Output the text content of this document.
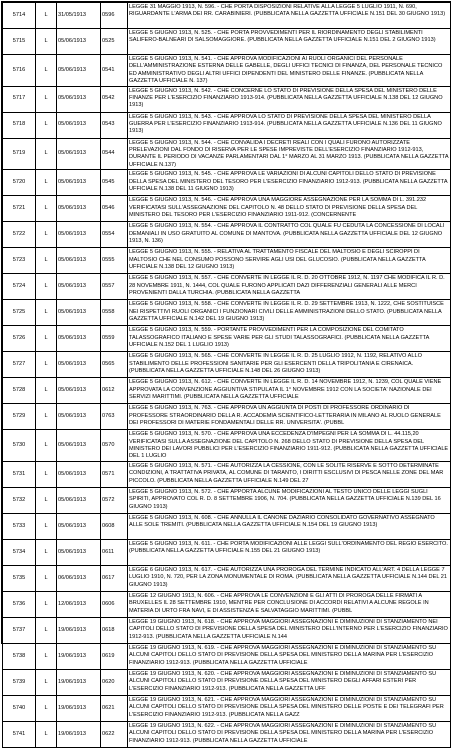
5714	L	31/05/1913	0596	LEGGE 31 MAGGIO 1913, N. 596. - CHE PORTA DISPOSIZIONI RELATIVE ALLA LEGGE 5 LUGLIO 1911, N. 690, RIGUARDANTE L'ARMA DEI RR. CARABINIERI. (PUBBLICATA NELLA GAZZETTA UFFICIALE N.151 DEL 30 GIUGNO 1913)
5715	L	05/06/1913	0525	LEGGE 5 GIUGNO 1913, N. 525. - CHE PORTA PROVVEDIMENTI PER IL RIORDINAMENTO DEGLI STABILIMENTI SALIFERO-BALNEARI DI SALSOMAGGIORE. (PUBBLICATA NELLA GAZZETTA UFFICIALE N.151 DEL 2 GIUGNO 1913)
5716	L	05/06/1913	0541	LEGGE 5 GIUGNO 1913, N. 541. - CHE APPROVA MODIFICAZIONI AI RUOLI ORGANICI DEL PERSONALE DELL'AMMINISTRAZIONE ESTERNA DELLE GABELLE, DEGLI UFFICI TECNICI DI FINANZA, DEL PERSONALE TECNICO ED AMMINISTRATIVO DEGLI ALTRI UFFICI DIPENDENTI DEL MINISTERO DELLE FINANZE. (PUBBLICATA NELLA GAZZETTA UFFICIALE N. 137)
5717	L	05/06/1913	0542	LEGGE 5 GIUGNO 1913, N. 542. - CHE CONCERNE LO STATO DI PREVISIONE DELLA SPESA DEL MINISTERO DELLE FINANZE PER L'ESERCIZIO FINANZIARIO 1913-914. (PUBBLICATA NELLA GAZZETTA UFFICIALE N.138 DEL 12 GIUGNO 1913)
5718	L	05/06/1913	0543	LEGGE 5 GIUGNO 1913, N. 543. - CHE APPROVA LO STATO DI PREVISIONE DELLA SPESA DEL MINISTERO DELLA GUERRA PER L'ESERCIZIO FINANZIARIO 1913-914. (PUBBLICATA NELLA GAZZETTA UFFICIALE N.136 DEL 11 GIUGNO 1913)
5719	L	05/06/1913	0544	LEGGE 5 GIUGNO 1913, N. 544. - CHE CONVALIDA I DECRETI REALI CON I QUALI FURONO AUTORIZZATE PRELEVAZIONI DAL FONDO DI RISERVA PER LE SPESE IMPREVISTE DELL'ESERCIZIO FINANZIARIO 1912-913, DURANTE IL PERIODO DI VACANZE PARLAMENTARI DAL 1° MARZO AL 31 MARZO 1913. (PUBBLICATA NELLA GAZZETTA UFFICIALE N.137)
5720	L	05/06/1913	0545	LEGGE 5 GIUGNO 1913, N. 545. - CHE APPROVA LE VARIAZIONI DI ALCUNI CAPITOLI DELLO STATO DI PREVISIONE DELLA SPESA DEL MINISTERO DEL TESORO PER L'ESERCIZIO FINANZIARIO 1912-913. (PUBBLICATA NELLA GAZZETTA UFFICIALE N.138 DEL 11 GIUGNO 1913)
5721	L	05/06/1913	0546	LEGGE 5 GIUGNO 1913, N. 546. - CHE APPROVA UNA MAGGIORE ASSEGNAZIONE PER LA SOMMA DI L. 391.232 VERIFICATASI SULL'ASSEGNAZIONE DEL CAPITOLO N. 48 DELLO STATO DI PREVISIONE DELLA SPESA DEL MINISTERO DEL TESORO PER L'ESERCIZIO FINANZIARIO 1911-912. (CONCERNENTE
5722	L	05/06/1913	0554	LEGGE 5 GIUGNO 1913, N. 554. - CHE APPROVA IL CONTRATTO COL QUALE FU CEDUTA LA CONCESSIONE DI LOCALI DEMANIALI IN USO GRATUITO AL COMUNE DI MANTOVA. (PUBBLICATA NELLA GAZZETTA UFFICIALE DEL 12 GIUGNO 1913, N. 136)
5723	L	05/06/1913	0555	LEGGE 5 GIUGNO 1913, N. 555. - RELATIVA AL TRATTAMENTO FISCALE DEL MALTOSIO E DEGLI SCIROPPI DI MALTOSIO CHE NEL CONSUMO POSSONO SERVIRE AGLI USI DEL GLUCOSIO. (PUBBLICATA NELLA GAZZETTA UFFICIALE N.138 DEL 12 GIUGNO 1913)
5724	L	05/06/1913	0557	LEGGE 5 GIUGNO 1913, N. 557. - CHE CONVERTE IN LEGGE IL R. D. 20 OTTOBRE 1912, N. 1197 CHE MODIFICA IL R. D. 28 NOVEMBRE 1911, N. 1444, COL QUALE FURONO APPLICATI DAZI DIFFERENZIALI GENERALI ALLE MERCI PROVENIENTI DALLA TURCHIA. (PUBBLICATA NELLA GAZZETTA
5725	L	05/06/1913	0558	LEGGE 5 GIUGNO 1913, N. 558. - CHE CONVERTE IN LEGGE IL R. D. 29 SETTEMBRE 1913, N. 1222, CHE SOSTITUISCE NEI RISPETTIVI RUOLI ORGANICI I FUNZIONARI CIVILI DELLE AMMINISTRAZIONI DELLO STATO. (PUBBLICATA NELLA GAZZETTA UFFICIALE N.142 DEL 19 GIUGNO 1913)
5726	L	05/06/1913	0559	LEGGE 5 GIUGNO 1913, N. 559. - PORTANTE PROVVEDIMENTI PER LA COMPOSIZIONE DEL COMITATO TALASSOGRAFICO ITALIANO E SPESE VARIE PER GLI STUDI TALASSOGRAFICI. (PUBBLICATA NELLA GAZZETTA UFFICIALE N.152 DEL 1 LUGLIO 1913)
5727	L	05/06/1913	0565	LEGGE 5 GIUGNO 1913, N. 565. - CHE CONVERTE IN LEGGE IL R. D. 25 LUGLIO 1912, N. 1192, RELATIVO ALLO STABILIMENTO DELLE PROFESSIONI SANITARIE PER GLI ESERCENTI DELLA TRIPOLITANIA E CIRENAICA. (PUBBLICATA NELLA GAZZETTA UFFICIALE N.148 DEL 26 GIUGNO 1913)
5728	L	05/06/1913	0612	LEGGE 5 GIUGNO 1913, N. 612. - CHE CONVERTE IN LEGGE IL R. D. 14 NOVEMBRE 1912, N. 1239, COL QUALE VIENE APPROVATA LA CONVENZIONE AGGIUNTIVA STIPULATA IL 1° NOVEMBRE 1912 CON LA SOCIETA' NAZIONALE DEI SERVIZI MARITTIMI. (PUBBLICATA NELLA GAZZETTA UFFICIALE
5729	L	05/06/1913	0763	LEGGE 5 GIUGNO 1913, N. 763. - CHE APPROVA UN AGGIUNTA DI POSTI DI PROFESSORE ORDINARIO DI PROFESSORE STRAORDINARIO DELLA R. ACCADEMIA SCIENTIFICO-LETTERARIA IN MILANO AL RUOLO GENERALE DEI PROFESSORI DI MATERIE FONDAMENTALI DELLE RR. UNIVERSITA'. (PUBBL
5730	L	05/06/1913	0570	LEGGE 5 GIUGNO 1913, N. 570. - CHE APPROVA UNA ECCEDENZA D'IMPEGNI PER LA SOMMA DI L. 44.115,20 VERIFICATASI SULLA ASSEGNAZIONE DEL CAPITOLO N. 268 DELLO STATO DI PREVISIONE DELLA SPESA DEL MINISTERO DEI LAVORI PUBBLICI PER L'ESERCIZIO FINANZIARIO 1911-912. (PUBBLICATA NELLA GAZZETTA UFFICIALE DEL 1 LUGLIO
5731	L	05/06/1913	0571	LEGGE 5 GIUGNO 1913, N. 571. - CHE AUTORIZZA LA CESSIONE, CON LE SOLITE RISERVE E SOTTO DETERMINATE CONDIZIONI, A TRATTATIVA PRIVATA, AL COMUNE DI TARANTO, I DIRITTI ESCLUSIVI DI PESCA NELLE ZONE DEL MAR PICCOLO. (PUBBLICATA NELLA GAZZETTA UFFICIALE N.149 DEL 27
5732	L	05/06/1913	0572	LEGGE 5 GIUGNO 1913, N. 572. - CHE APPORTA ALCUNE MODIFICAZIONI AL TESTO UNICO DELLE LEGGI SUGLI SPIRITI, APPROVATO COL R. D. 8 SETTEMBRE 1906, N. 704. (PUBBLICATA NELLA GAZZETTA UFFICIALE N.139 DEL 16 GIUGNO 1913)
5733	L	05/06/1913	0608	LEGGE 5 GIUGNO 1913, N. 608. - CHE ANNULLA IL CANONE DAZIARIO CONSOLIDATO GOVERNATIVO ASSEGNATO ALLE SOLE TREMITI. (PUBBLICATA NELLA GAZZETTA UFFICIALE N.154 DEL 19 GIUGNO 1913)
5734	L	05/06/1913	0611	LEGGE 5 GIUGNO 1913, N. 611. - CHE PORTA MODIFICAZIONI ALLE LEGGI SULL'ORDINAMENTO DEL REGIO ESERCITO. (PUBBLICATA NELLA GAZZETTA UFFICIALE N.155 DEL 21 GIUGNO 1913)
5735	L	06/06/1913	0617	LEGGE 6 GIUGNO 1913, N. 617. - CHE AUTORIZZA UNA PROROGA DEL TERMINE INDICATO ALL'ART. 4 DELLA LEGGE 7 LUGLIO 1910, N. 720, PER LA ZONA MONUMENTALE DI ROMA. (PUBBLICATA NELLA GAZZETTA UFFICIALE N.144 DEL 21 GIUGNO 1913)
5736	L	12/06/1913	0606	LEGGE 12 GIUGNO 1913, N. 606. - CHE APPROVA LE CONVENZIONI E GLI ATTI DI PROROGA DELLE FIRMATI A BRUXELLES IL 28 SETTEMBRE 1910, MENTRE PER CONCLUSIONE DI ACCORDI RELATIVI A ALCUNE REGOLE IN MATERIA DI URTO FRA NAVI, E DI ASSISTENZA E SALVATAGGIO MARITTIMI. (PUBBL
5737	L	19/06/1913	0618	LEGGE 19 GIUGNO 1913, N. 618. - CHE APPROVA MAGGIORI ASSEGNAZIONI E DIMINUZIONI DI STANZIAMENTO NEI CAPITOLI DELLO STATO DI PREVISIONE DELLA SPESA DEL MINISTERO DELL'INTERNO PER L'ESERCIZIO FINANZIARIO 1912-913. (PUBBLICATA NELLA GAZZETTA UFFICIALE N.144
5738	L	19/06/1913	0619	LEGGE 19 GIUGNO 1913, N. 619. - CHE APPROVA MAGGIORI ASSEGNAZIONI E DIMINUZIONI DI STANZIAMENTO SU ALCUNI CAPITOLI DELLO STATO DI PREVISIONE DELLA SPESA DEL MINISTERO DELLA MARINA PER L'ESERCIZIO FINANZIARIO 1912-913. (PUBBLICATA NELLA GAZZETTA UFFICIALE
5739	L	19/06/1913	0620	LEGGE 19 GIUGNO 1913, N. 620. - CHE APPROVA MAGGIORI ASSEGNAZIONI E DIMINUZIONI DI STANZIAMENTO SU ALCUNI CAPITOLI DELLO STATO DI PREVISIONE DELLA SPESA DEL MINISTERO DEGLI AFFARI ESTERI PER L'ESERCIZIO FINANZIARIO 1912-913. (PUBBLICATA NELLA GAZZETTA UFF
5740	L	19/06/1913	0621	LEGGE 19 GIUGNO 1913, N. 621. - CHE APPROVA MAGGIORI ASSEGNAZIONI E DIMINUZIONI DI STANZIAMENTO SU ALCUNI CAPITOLI DELLO STATO DI PREVISIONE DELLA SPESA DEL MINISTERO DELLE POSTE E DEI TELEGRAFI PER L'ESERCIZIO FINANZIARIO 1912-913. (PUBBLICATA NELLA GAZZ
5741	L	19/06/1913	0622	LEGGE 19 GIUGNO 1913, N. 622. - CHE APPROVA MAGGIORI ASSEGNAZIONI E DIMINUZIONI DI STANZIAMENTO SU ALCUNI CAPITOLI DELLO STATO DI PREVISIONE DELLA SPESA DEL MINISTERO DELLA MARINA PER L'ESERCIZIO FINANZIARIO 1912-913. (PUBBLICATA NELLA GAZZETTA UFFICIALE
